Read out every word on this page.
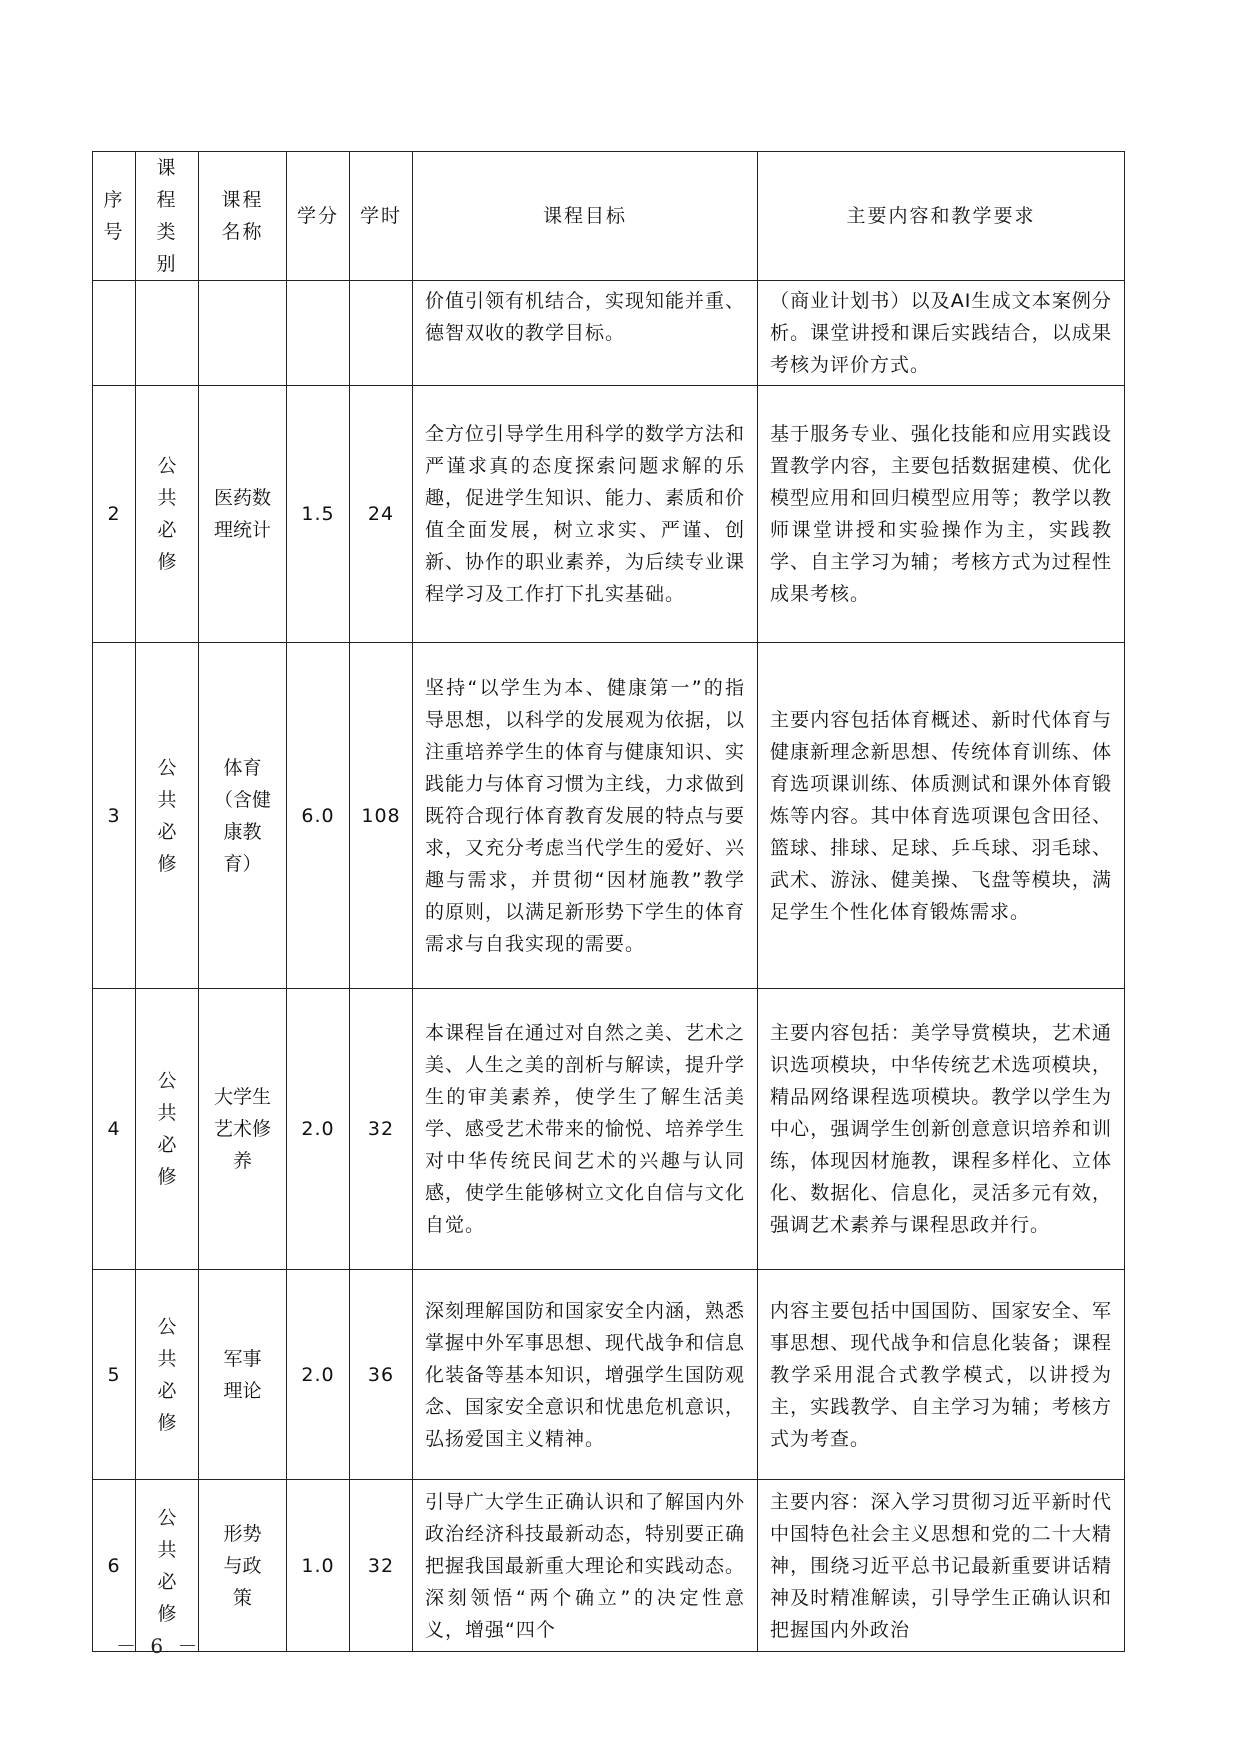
序号	课程类别	课程名称	学分	学时	课程目标	主要内容和教学要求
					价值引领有机结合，实现知能并重、德智双收的教学目标。	（商业计划书）以及AI生成文本案例分析。课堂讲授和课后实践结合，以成果考核为评价方式。
2	公共必修	医药数理统计	1.5	24	全方位引导学生用科学的数学方法和严谨求真的态度探索问题求解的乐趣，促进学生知识、能力、素质和价值全面发展，树立求实、严谨、创新、协作的职业素养，为后续专业课程学习及工作打下扎实基础。	基于服务专业、强化技能和应用实践设置教学内容，主要包括数据建模、优化模型应用和回归模型应用等；教学以教师课堂讲授和实验操作为主，实践教学、自主学习为辅；考核方式为过程性成果考核。
3	公共必修	体育（含健康教育）	6.0	108	坚持“以学生为本、健康第一”的指导思想，以科学的发展观为依据，以注重培养学生的体育与健康知识、实践能力与体育习惯为主线，力求做到既符合现行体育教育发展的特点与要求，又充分考虑当代学生的爱好、兴趣与需求，并贯彻“因材施教”教学的原则，以满足新形势下学生的体育需求与自我实现的需要。	主要内容包括体育概述、新时代体育与健康新理念新思想、传统体育训练、体育选项课训练、体质测试和课外体育锻炼等内容。其中体育选项课包含田径、篮球、排球、足球、乒乓球、羽毛球、武术、游泳、健美操、飞盘等模块，满足学生个性化体育锻炼需求。
4	公共必修	大学生艺术修养	2.0	32	本课程旨在通过对自然之美、艺术之美、人生之美的剖析与解读，提升学生的审美素养，使学生了解生活美学、感受艺术带来的愉悦、培养学生对中华传统民间艺术的兴趣与认同感，使学生能够树立文化自信与文化自觉。	主要内容包括：美学导赏模块，艺术通识选项模块，中华传统艺术选项模块，精品网络课程选项模块。教学以学生为中心，强调学生创新创意意识培养和训练，体现因材施教，课程多样化、立体化、数据化、信息化，灵活多元有效，强调艺术素养与课程思政并行。
5	公共必修	军事理论	2.0	36	深刻理解国防和国家安全内涵，熟悉掌握中外军事思想、现代战争和信息化装备等基本知识，增强学生国防观念、国家安全意识和忧患危机意识，弘扬爱国主义精神。	内容主要包括中国国防、国家安全、军事思想、现代战争和信息化装备；课程教学采用混合式教学模式，以讲授为主，实践教学、自主学习为辅；考核方式为考查。
6	公共必修	形势与政策	1.0	32	引导广大学生正确认识和了解国内外政治经济科技最新动态，特别要正确把握我国最新重大理论和实践动态。深刻领悟“两个确立”的决定性意义，增强“四个	主要内容：深入学习贯彻习近平新时代中国特色社会主义思想和党的二十大精神，围绕习近平总书记最新重要讲话精神及时精准解读，引导学生正确认识和把握国内外政治
－ 6 －
